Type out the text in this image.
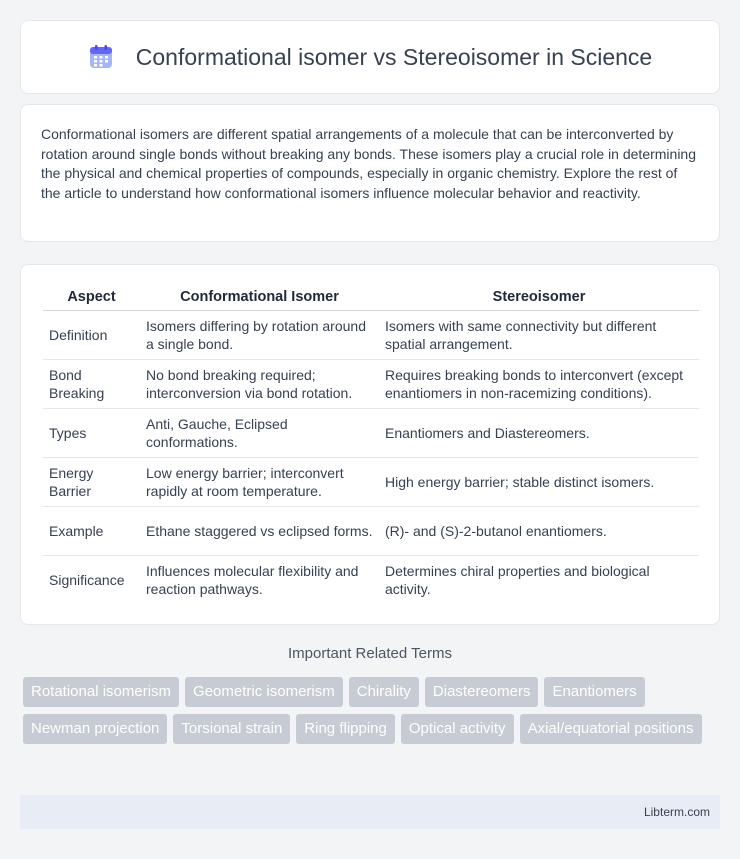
Conformational isomer vs Stereoisomer in Science

Conformational isomers are different spatial arrangements of a molecule that can be interconverted by rotation around single bonds without breaking any bonds. These isomers play a crucial role in determining the physical and chemical properties of compounds, especially in organic chemistry. Explore the rest of the article to understand how conformational isomers influence molecular behavior and reactivity.

Aspect	Conformational Isomer	Stereoisomer
Definition	Isomers differing by rotation around a single bond.	Isomers with same connectivity but different spatial arrangement.
Bond Breaking	No bond breaking required; interconversion via bond rotation.	Requires breaking bonds to interconvert (except enantiomers in non-racemizing conditions).
Types	Anti, Gauche, Eclipsed conformations.	Enantiomers and Diastereomers.
Energy Barrier	Low energy barrier; interconvert rapidly at room temperature.	High energy barrier; stable distinct isomers.
Example	Ethane staggered vs eclipsed forms.	(R)- and (S)-2-butanol enantiomers.
Significance	Influences molecular flexibility and reaction pathways.	Determines chiral properties and biological activity.
Important Related Terms
Rotational isomerism	Geometric isomerism	Chirality	Diastereomers	Enantiomers
Newman projection	Torsional strain	Ring flipping	Optical activity	Axial/equatorial positions
Libterm.com
